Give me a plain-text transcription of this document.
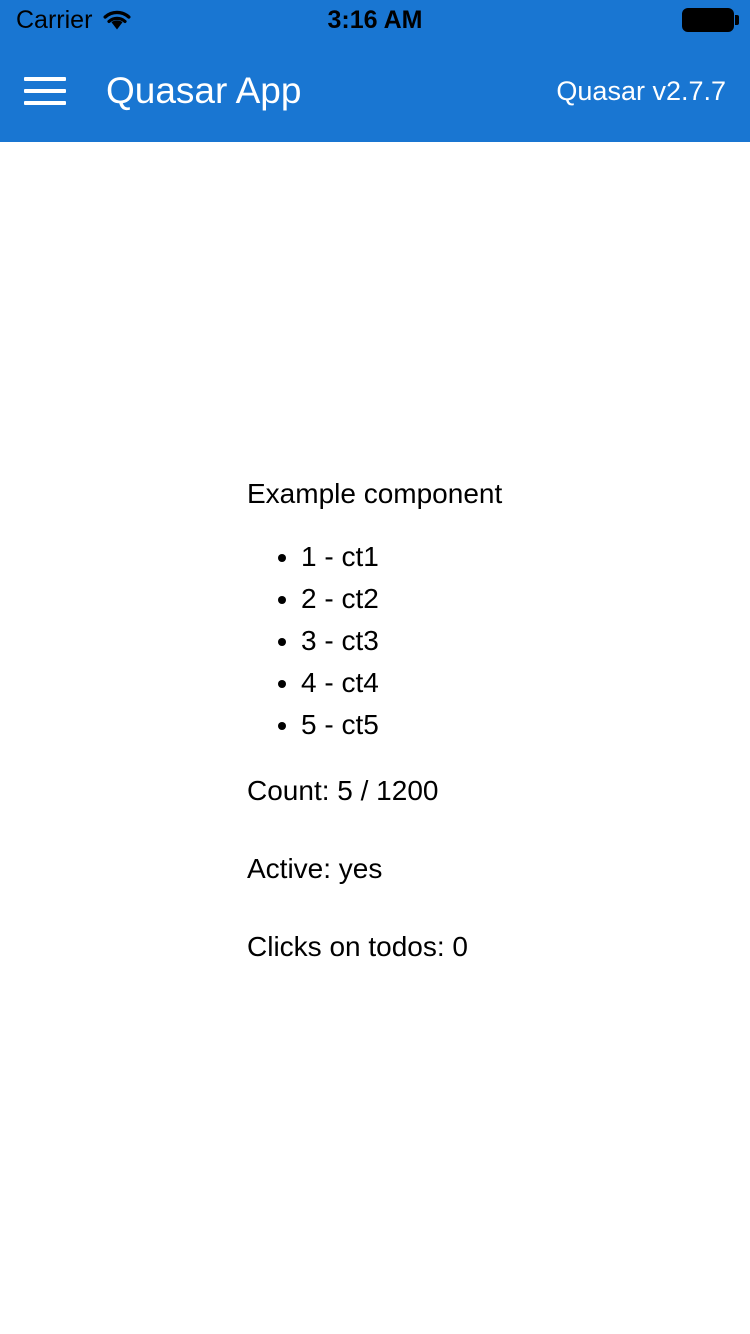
Carrier	3:16 AM
Quasar App	Quasar v2.7.7
Example component
• 1 - ct1
• 2 - ct2
• 3 - ct3
• 4 - ct4
• 5 - ct5
Count: 5 / 1200
Active: yes
Clicks on todos: 0
